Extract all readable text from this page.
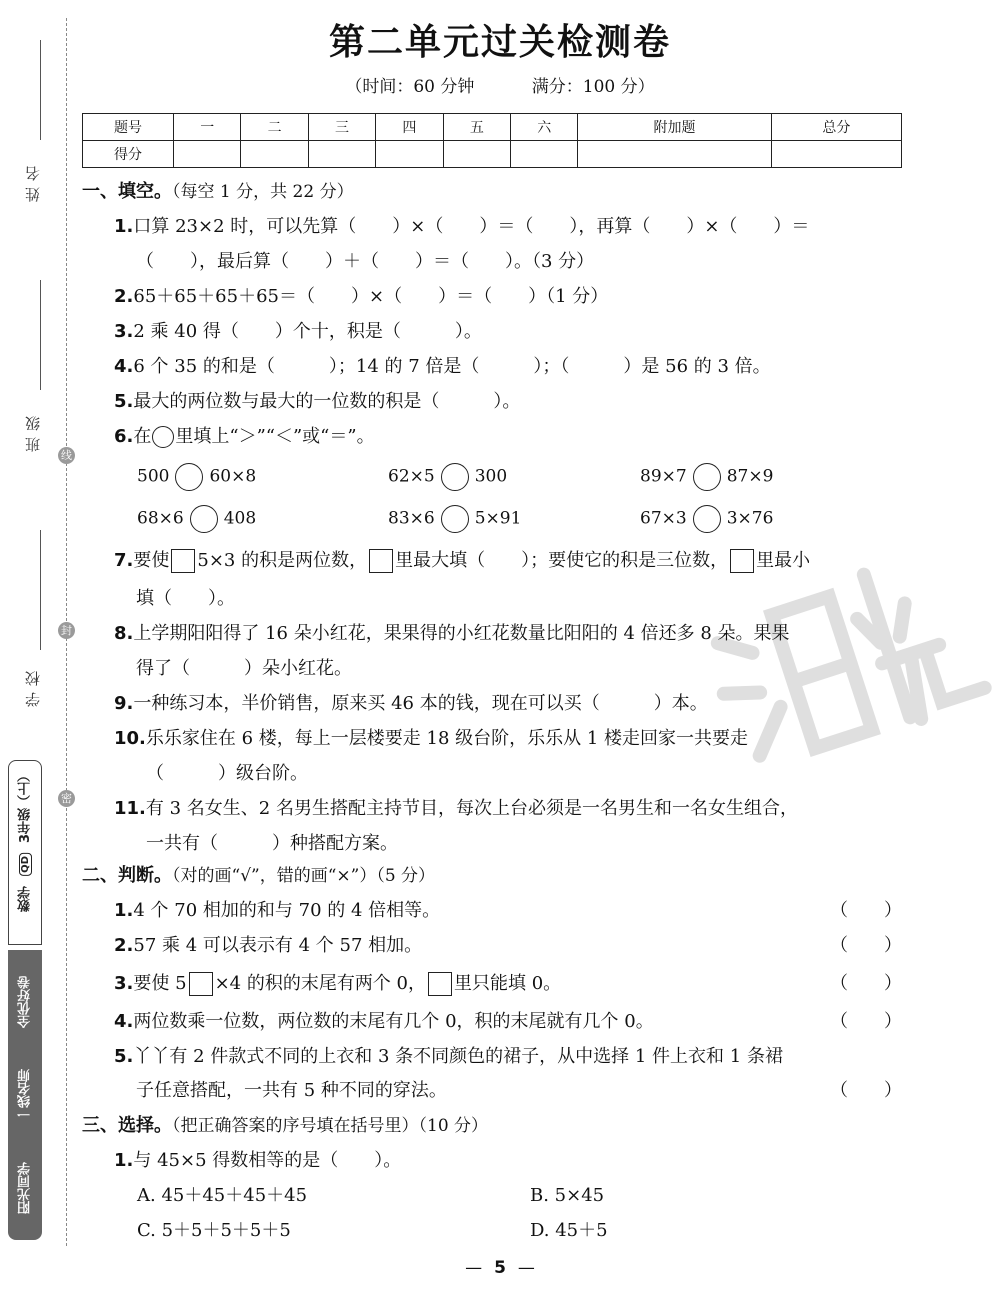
姓名
班级
学校
线
封
密
3年级（上）
QD
数学
全优好卷
一线名师
阳光同学
第二单元过关检测卷
（时间：60 分钟	满分：100 分）
题号	一	二	三	四	五	六	附加题	总分
得分								
一、填空。（每空 1 分，共 22 分）
1.口算 23×2 时，可以先算（　　）×（　　）＝（　　），再算（　　）×（　　）＝
（　　），最后算（　　）＋（　　）＝（　　）。（3 分）
2.65＋65＋65＋65＝（　　）×（　　）＝（　　）（1 分）
3.2 乘 40 得（　　）个十，积是（　　　）。
4.6 个 35 的和是（　　　）；14 的 7 倍是（　　　）；（　　　）是 56 的 3 倍。
5.最大的两位数与最大的一位数的积是（　　　）。
6.在 里填上“＞”“＜”或“＝”。
500 60×8	62×5 300	89×7 87×9
68×6 408	83×6 5×91	67×3 3×76
7.要使 5×3 的积是两位数， 里最大填（　　）；要使它的积是三位数， 里最小
填（　　）。
8.上学期阳阳得了 16 朵小红花，果果得的小红花数量比阳阳的 4 倍还多 8 朵。果果
得了（　　　）朵小红花。
9.一种练习本，半价销售，原来买 46 本的钱，现在可以买（　　　）本。
10.乐乐家住在 6 楼，每上一层楼要走 18 级台阶，乐乐从 1 楼走回家一共要走
（　　　）级台阶。
11.有 3 名女生、2 名男生搭配主持节目，每次上台必须是一名男生和一名女生组合，
一共有（　　　）种搭配方案。
二、判断。（对的画“√”，错的画“×”）（5 分）
1.4 个 70 相加的和与 70 的 4 倍相等。	（　　）
2.57 乘 4 可以表示有 4 个 57 相加。	（　　）
3.要使 5 ×4 的积的末尾有两个 0， 里只能填 0。	（　　）
4.两位数乘一位数，两位数的末尾有几个 0，积的末尾就有几个 0。	（　　）
5.丫丫有 2 件款式不同的上衣和 3 条不同颜色的裙子，从中选择 1 件上衣和 1 条裙
子任意搭配，一共有 5 种不同的穿法。	（　　）
三、选择。（把正确答案的序号填在括号里）（10 分）
1.与 45×5 得数相等的是（　　）。
A. 45＋45＋45＋45	B. 5×45
C. 5＋5＋5＋5＋5	D. 45＋5
— 5 —
